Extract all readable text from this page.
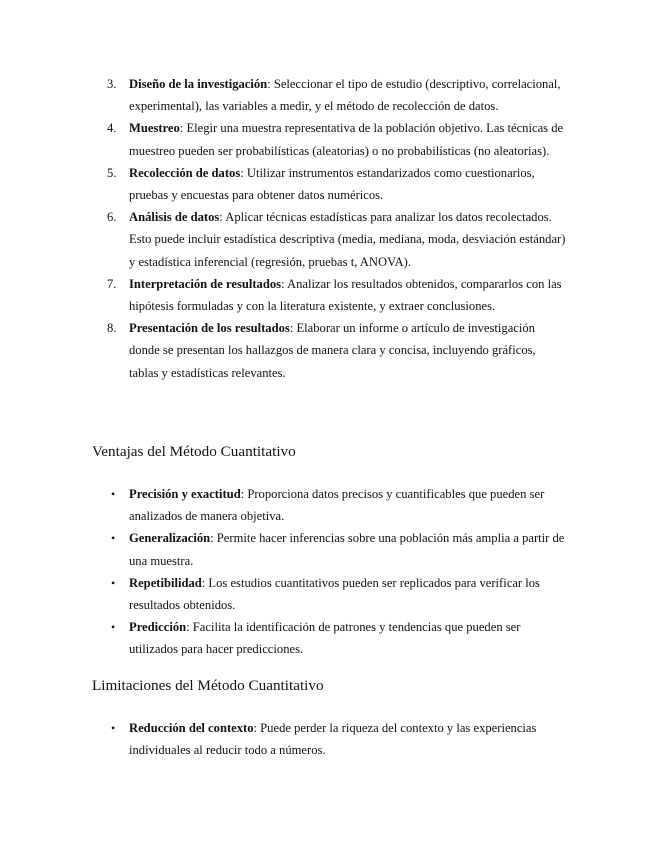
3. Diseño de la investigación: Seleccionar el tipo de estudio (descriptivo, correlacional, experimental), las variables a medir, y el método de recolección de datos.
4. Muestreo: Elegir una muestra representativa de la población objetivo. Las técnicas de muestreo pueden ser probabilísticas (aleatorias) o no probabilísticas (no aleatorias).
5. Recolección de datos: Utilizar instrumentos estandarizados como cuestionarios, pruebas y encuestas para obtener datos numéricos.
6. Análisis de datos: Aplicar técnicas estadísticas para analizar los datos recolectados. Esto puede incluir estadística descriptiva (media, mediana, moda, desviación estándar) y estadística inferencial (regresión, pruebas t, ANOVA).
7. Interpretación de resultados: Analizar los resultados obtenidos, compararlos con las hipótesis formuladas y con la literatura existente, y extraer conclusiones.
8. Presentación de los resultados: Elaborar un informe o artículo de investigación donde se presentan los hallazgos de manera clara y concisa, incluyendo gráficos, tablas y estadísticas relevantes.
Ventajas del Método Cuantitativo
• Precisión y exactitud: Proporciona datos precisos y cuantificables que pueden ser analizados de manera objetiva.
• Generalización: Permite hacer inferencias sobre una población más amplia a partir de una muestra.
• Repetibilidad: Los estudios cuantitativos pueden ser replicados para verificar los resultados obtenidos.
• Predicción: Facilita la identificación de patrones y tendencias que pueden ser utilizados para hacer predicciones.
Limitaciones del Método Cuantitativo
• Reducción del contexto: Puede perder la riqueza del contexto y las experiencias individuales al reducir todo a números.
